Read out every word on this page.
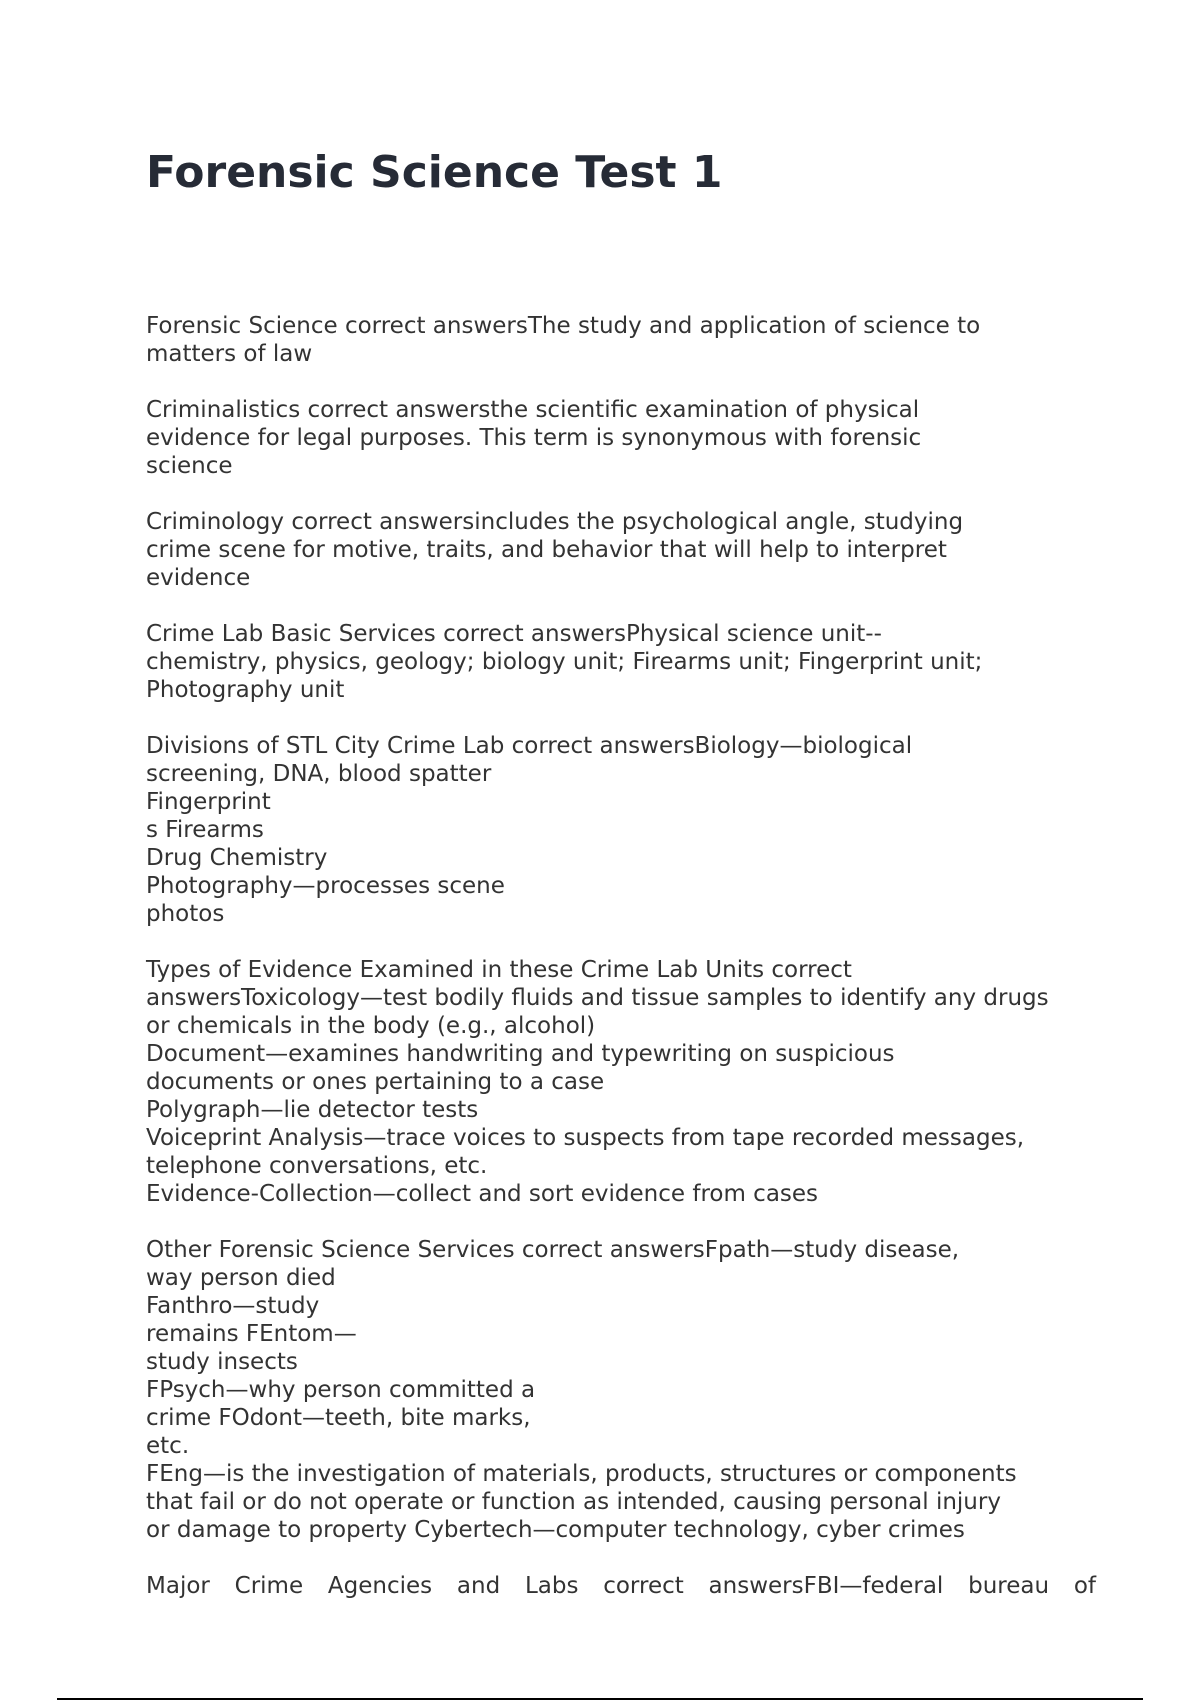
Forensic Science Test 1
Forensic Science correct answersThe study and application of science to
matters of law
Criminalistics correct answersthe scientific examination of physical
evidence for legal purposes. This term is synonymous with forensic
science
Criminology correct answersincludes the psychological angle, studying
crime scene for motive, traits, and behavior that will help to interpret
evidence
Crime Lab Basic Services correct answersPhysical science unit--
chemistry, physics, geology; biology unit; Firearms unit; Fingerprint unit;
Photography unit
Divisions of STL City Crime Lab correct answersBiology—biological
screening, DNA, blood spatter
Fingerprint
s Firearms
Drug Chemistry
Photography—processes scene
photos
Types of Evidence Examined in these Crime Lab Units correct
answersToxicology—test bodily fluids and tissue samples to identify any drugs
or chemicals in the body (e.g., alcohol)
Document—examines handwriting and typewriting on suspicious
documents or ones pertaining to a case
Polygraph—lie detector tests
Voiceprint Analysis—trace voices to suspects from tape recorded messages,
telephone conversations, etc.
Evidence-Collection—collect and sort evidence from cases
Other Forensic Science Services correct answersFpath—study disease,
way person died
Fanthro—study
remains FEntom—
study insects
FPsych—why person committed a
crime FOdont—teeth, bite marks,
etc.
FEng—is the investigation of materials, products, structures or components
that fail or do not operate or function as intended, causing personal injury
or damage to property Cybertech—computer technology, cyber crimes
Major Crime Agencies and Labs correct answersFBI—federal bureau of
